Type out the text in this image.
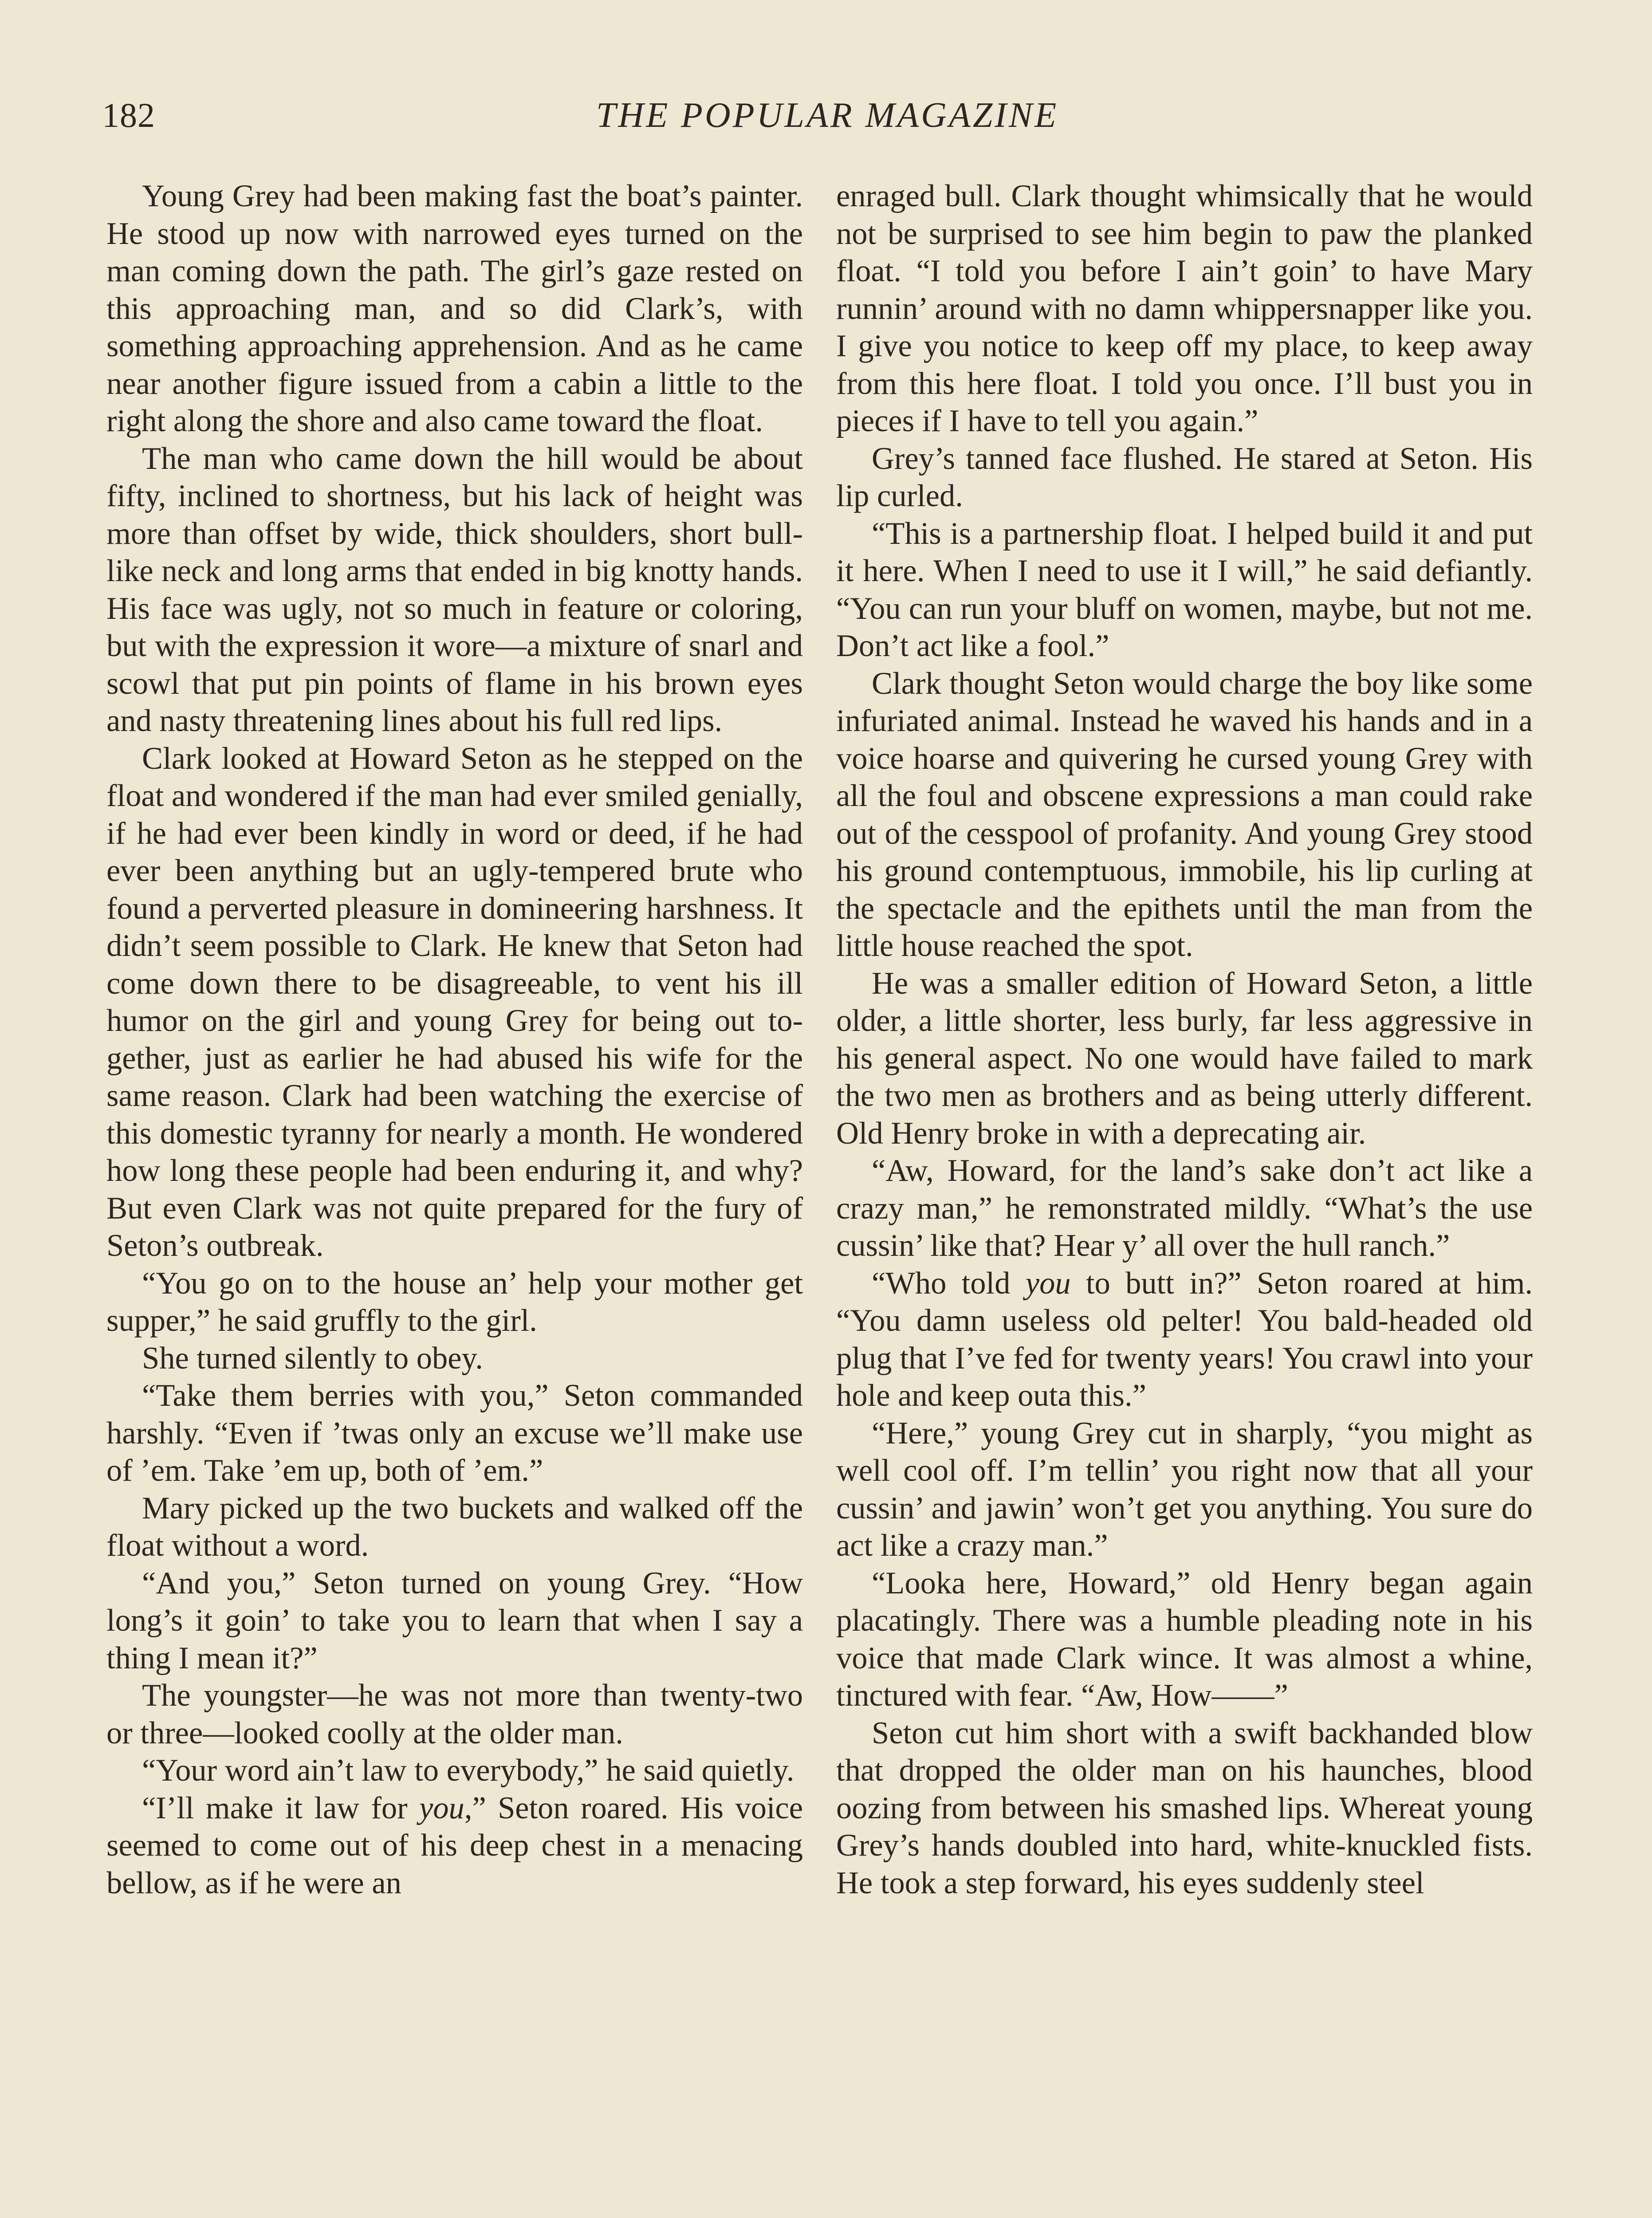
182	THE POPULAR MAGAZINE

Young Grey had been making fast the boat’s painter. He stood up now with narrowed eyes turned on the man coming down the path. The girl’s gaze rested on this approaching man, and so did Clark’s, with something approaching apprehension. And as he came near another figure issued from a cabin a little to the right along the shore and also came toward the float.

The man who came down the hill would be about fifty, inclined to shortness, but his lack of height was more than offset by wide, thick shoulders, short bull-like neck and long arms that ended in big knotty hands. His face was ugly, not so much in feature or coloring, but with the expression it wore—a mixture of snarl and scowl that put pin points of flame in his brown eyes and nasty threatening lines about his full red lips.

Clark looked at Howard Seton as he stepped on the float and wondered if the man had ever smiled genially, if he had ever been kindly in word or deed, if he had ever been anything but an ugly-tempered brute who found a perverted pleasure in domineering harshness. It didn’t seem possible to Clark. He knew that Seton had come down there to be disagreeable, to vent his ill humor on the girl and young Grey for being out together, just as earlier he had abused his wife for the same reason. Clark had been watching the exercise of this domestic tyranny for nearly a month. He wondered how long these people had been enduring it, and why? But even Clark was not quite prepared for the fury of Seton’s outbreak.

“You go on to the house an’ help your mother get supper,” he said gruffly to the girl.

She turned silently to obey.

“Take them berries with you,” Seton commanded harshly. “Even if ’twas only an excuse we’ll make use of ’em. Take ’em up, both of ’em.”

Mary picked up the two buckets and walked off the float without a word.

“And you,” Seton turned on young Grey. “How long’s it goin’ to take you to learn that when I say a thing I mean it?”

The youngster—he was not more than twenty-two or three—looked coolly at the older man.

“Your word ain’t law to everybody,” he said quietly.

“I’ll make it law for you,” Seton roared. His voice seemed to come out of his deep chest in a menacing bellow, as if he were an

enraged bull. Clark thought whimsically that he would not be surprised to see him begin to paw the planked float. “I told you before I ain’t goin’ to have Mary runnin’ around with no damn whippersnapper like you. I give you notice to keep off my place, to keep away from this here float. I told you once. I’ll bust you in pieces if I have to tell you again.”

Grey’s tanned face flushed. He stared at Seton. His lip curled.

“This is a partnership float. I helped build it and put it here. When I need to use it I will,” he said defiantly. “You can run your bluff on women, maybe, but not me. Don’t act like a fool.”

Clark thought Seton would charge the boy like some infuriated animal. Instead he waved his hands and in a voice hoarse and quivering he cursed young Grey with all the foul and obscene expressions a man could rake out of the cesspool of profanity. And young Grey stood his ground contemptuous, immobile, his lip curling at the spectacle and the epithets until the man from the little house reached the spot.

He was a smaller edition of Howard Seton, a little older, a little shorter, less burly, far less aggressive in his general aspect. No one would have failed to mark the two men as brothers and as being utterly different. Old Henry broke in with a deprecating air.

“Aw, Howard, for the land’s sake don’t act like a crazy man,” he remonstrated mildly. “What’s the use cussin’ like that? Hear y’ all over the hull ranch.”

“Who told you to butt in?” Seton roared at him. “You damn useless old pelter! You bald-headed old plug that I’ve fed for twenty years! You crawl into your hole and keep outa this.”

“Here,” young Grey cut in sharply, “you might as well cool off. I’m tellin’ you right now that all your cussin’ and jawin’ won’t get you anything. You sure do act like a crazy man.”

“Looka here, Howard,” old Henry began again placatingly. There was a humble pleading note in his voice that made Clark wince. It was almost a whine, tinctured with fear. “Aw, How——”

Seton cut him short with a swift backhanded blow that dropped the older man on his haunches, blood oozing from between his smashed lips. Whereat young Grey’s hands doubled into hard, white-knuckled fists. He took a step forward, his eyes suddenly steel
